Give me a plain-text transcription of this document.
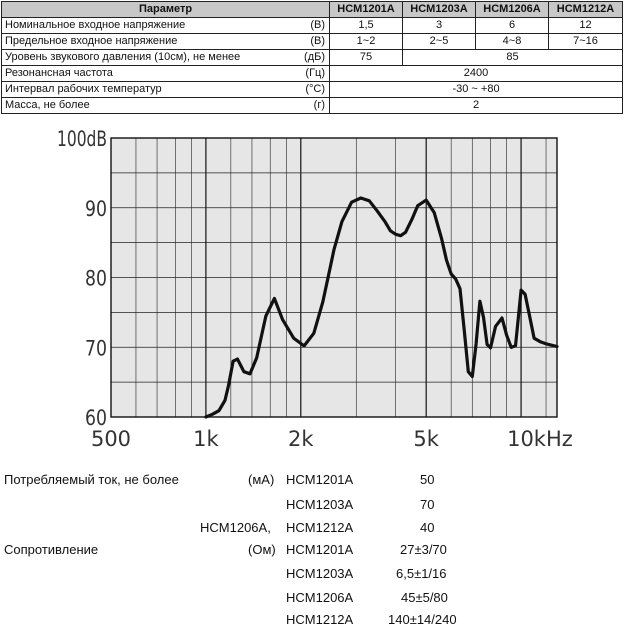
Параметр		HCM1201A	HCM1203A	HCM1206A	HCM1212A
Номинальное входное напряжение	(В)	1,5	3	6	12
Предельное входное напряжение	(В)	1~2	2~5	4~8	7~16
Уровень звукового давления (10см), не менее	(дБ)	75	85		
Резонансная частота	(Гц)	2400			
Интервал рабочих температур	(°C)	-30 ~ +80			
Масса, не более	(г)	2			
100dB
90
80
70
60
500	1k	2k	5k	10kHz
Потребляемый ток, не более	(мА) HCM1201A	50
HCM1203A	70
HCM1206A, HCM1212A	40
Сопротивление	(Ом) HCM1201A	27±3/70
HCM1203A	6,5±1/16
HCM1206A	45±5/80
HCM1212A	140±14/240
